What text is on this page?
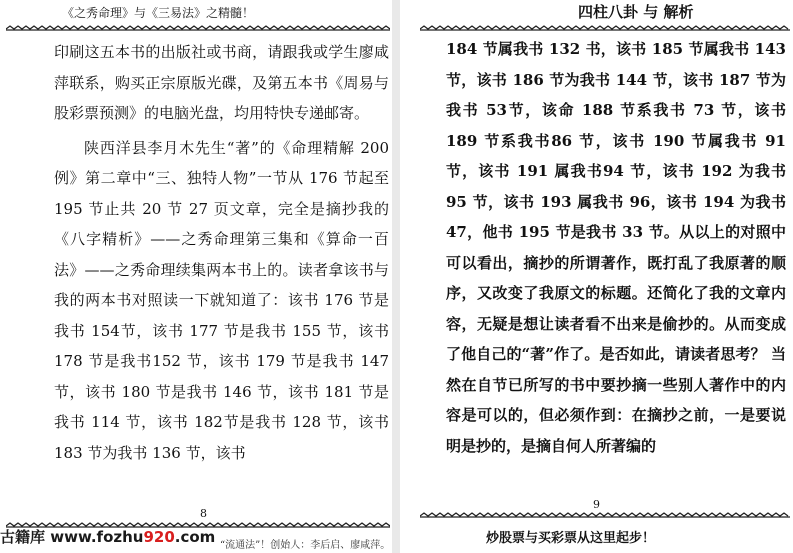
《之秀命理》与《三易法》之精髓！

印刷这五本书的出版社或书商，请跟我或学生廖咸萍联系，购买正宗原版光碟，及第五本书《周易与股彩票预测》的电脑光盘，均用特快专递邮寄。

陕西洋县李月木先生“著”的《命理精解 200例》第二章中“三、独特人物”一节从 176 节起至195 节止共 20 节 27 页文章，完全是摘抄我的《八字精析》——之秀命理第三集和《算命一百法》——之秀命理续集两本书上的。读者拿该书与我的两本书对照读一下就知道了：该书 176 节是我书 154节，该书 177 节是我书 155 节，该书 178 节是我书152 节，该书 179 节是我书 147 节，该书 180 节是我书 146 节，该书 181 节是我书 114 节，该书 182节是我书 128 节，该书 183 节为我书 136 节，该书

8
“流通法”！创始人：李后启、廖咸萍。
四柱八卦 与 解析

184 节属我书 132 书，该书 185 节属我书 143 节，该书 186 节为我书 144 节，该书 187 节为我书 53节，该命 188 节系我书 73 节，该书 189 节系我书86 节，该书 190 节属我书 91 节，该书 191 属我书94 节，该书 192 为我书 95 节，该书 193 属我书 96，该书 194 为我书 47，他书 195 节是我书 33 节。从以上的对照中可以看出，摘抄的所谓著作，既打乱了我原著的顺序，又改变了我原文的标题。还简化了我的文章内容，无疑是想让读者看不出来是偷抄的。从而变成了他自己的“著”作了。是否如此，请读者思考？ 当然在自节已所写的书中要抄摘一些别人著作中的内容是可以的，但必须作到：在摘抄之前，一是要说明是抄的，是摘自何人所著编的

9
炒股票与买彩票从这里起步！
古籍库 www.fozhu920.com
